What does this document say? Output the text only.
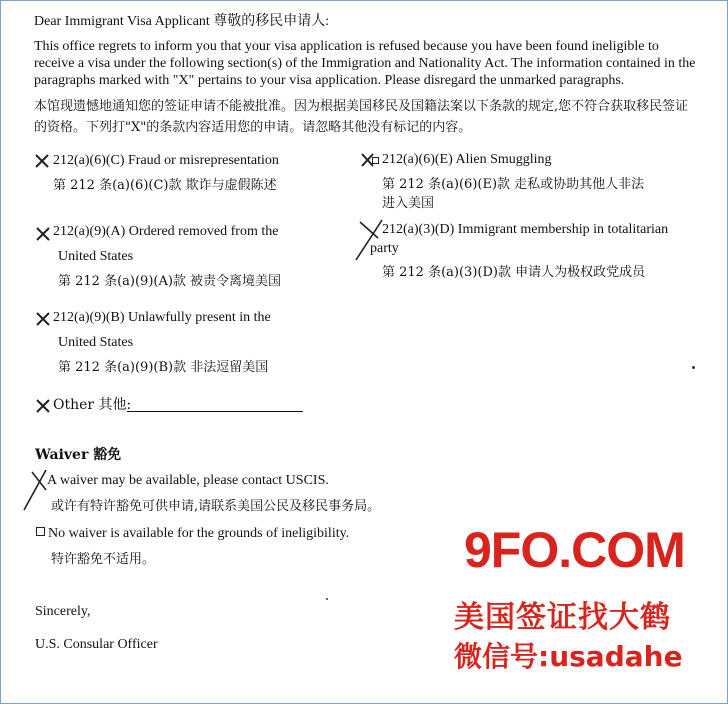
Dear Immigrant Visa Applicant 尊敬的移民申请人:
This office regrets to inform you that your visa application is refused because you have been found ineligible to receive a visa under the following section(s) of the Immigration and Nationality Act. The information contained in the paragraphs marked with "X" pertains to your visa application. Please disregard the unmarked paragraphs.
本馆现遗憾地通知您的签证申请不能被批准。因为根据美国移民及国籍法案以下条款的规定,您不符合获取移民签证的资格。下列打"X"的条款内容适用您的申请。请忽略其他没有标记的内容。
212(a)(6)(C) Fraud or misrepresentation
第 212 条(a)(6)(C)款 欺诈与虚假陈述
212(a)(9)(A) Ordered removed from the
United States
第 212 条(a)(9)(A)款 被责令离境美国
212(a)(9)(B) Unlawfully present in the
United States
第 212 条(a)(9)(B)款 非法逗留美国
Other 其他:
212(a)(6)(E) Alien Smuggling
第 212 条(a)(6)(E)款 走私或协助其他人非法
进入美国
212(a)(3)(D) Immigrant membership in totalitarian
party
第 212 条(a)(3)(D)款 申请人为极权政党成员
Waiver 豁免
A waiver may be available, please contact USCIS.
或许有特许豁免可供申请,请联系美国公民及移民事务局。
No waiver is available for the grounds of ineligibility.
特许豁免不适用。
Sincerely,
U.S. Consular Officer
9FO.COM
美国签证找大鹤
微信号:usadahe
